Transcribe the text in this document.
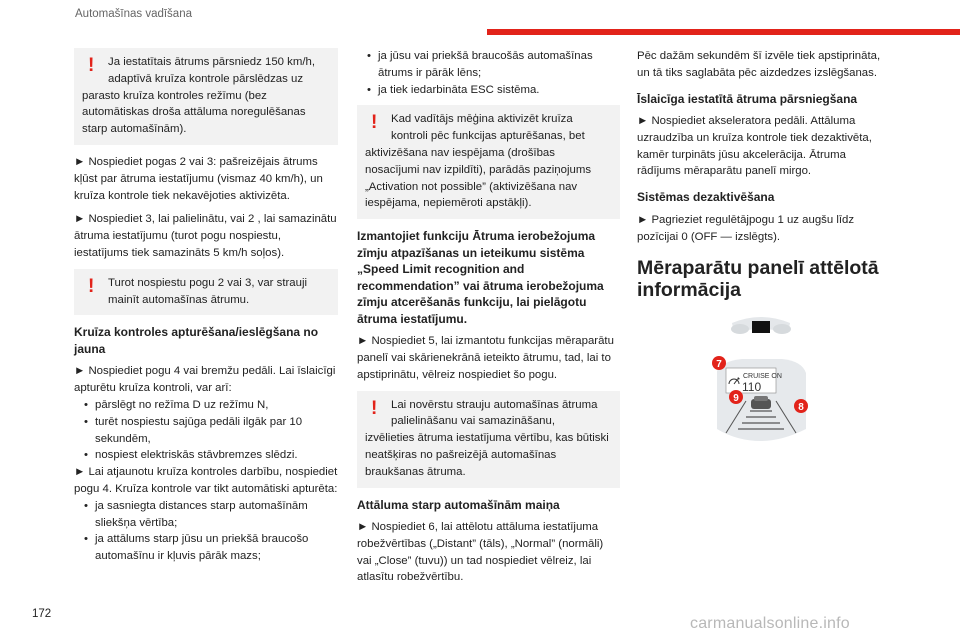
Automašīnas vadīšana
!	Ja iestatītais ātrums pārsniedz 150 km/h, adaptīvā kruīza kontrole pārslēdzas uz
parasto kruīza kontroles režīmu (bez automātiskas droša attāluma noregulēšanas starp automašīnām).

► Nospiediet pogas 2 vai 3: pašreizējais ātrums kļūst par ātruma iestatījumu (vismaz 40 km/h), un kruīza kontrole tiek nekavējoties aktivizēta.

► Nospiediet 3, lai palielinātu, vai 2 , lai samazinātu ātruma iestatījumu (turot pogu nospiestu, iestatījums tiek samazināts 5 km/h soļos).

!	Turot nospiestu pogu 2 vai 3, var strauji mainīt automašīnas ātrumu.
Kruīza kontroles apturēšana/ieslēgšana no jauna

► Nospiediet pogu 4 vai bremžu pedāli. Lai īslaicīgi apturētu kruīza kontroli, var arī:

• pārslēgt no režīma D uz režīmu N,
• turēt nospiestu sajūga pedāli ilgāk par 10 sekundēm,
• nospiest elektriskās stāvbremzes slēdzi.

► Lai atjaunotu kruīza kontroles darbību, nospiediet pogu 4. Kruīza kontrole var tikt automātiski apturēta:

• ja sasniegta distances starp automašīnām sliekšņa vērtība;
• ja attālums starp jūsu un priekšā braucošo automašīnu ir kļuvis pārāk mazs;
• ja jūsu vai priekšā braucošās automašīnas ātrums ir pārāk lēns;
• ja tiek iedarbināta ESC sistēma.
!	Kad vadītājs mēģina aktivizēt kruīza kontroli pēc funkcijas apturēšanas, bet
aktivizēšana nav iespējama (drošības nosacījumi nav izpildīti), parādās paziņojums „Activation not possible” (aktivizēšana nav iespējama, nepiemēroti apstākļi).
Izmantojiet funkciju Ātruma ierobežojuma zīmju atpazīšanas un ieteikumu sistēma „Speed Limit recognition and recommendation” vai ātruma ierobežojuma zīmju atcerēšanās funkciju, lai pielāgotu ātruma iestatījumu.

► Nospiediet 5, lai izmantotu funkcijas mēraparātu panelī vai skārienekrānā ieteikto ātrumu, tad, lai to apstiprinātu, vēlreiz nospiediet šo pogu.

!	Lai novērstu strauju automašīnas ātruma palielināšanu vai samazināšanu,
izvēlieties ātruma iestatījuma vērtību, kas būtiski neatšķiras no pašreizējā automašīnas braukšanas ātruma.
Attāluma starp automašīnām maiņa

► Nospiediet 6, lai attēlotu attāluma iestatījuma robežvērtības („Distant” (tāls), „Normal” (normāli) vai „Close” (tuvu)) un tad nospiediet vēlreiz, lai atlasītu robežvērtību.

Pēc dažām sekundēm šī izvēle tiek apstiprināta, un tā tiks saglabāta pēc aizdedzes izslēgšanas.

Īslaicīga iestatītā ātruma pārsniegšana

► Nospiediet akseleratora pedāli. Attāluma uzraudzība un kruīza kontrole tiek dezaktivēta, kamēr turpināts jūsu akcelerācija. Ātruma rādījums mēraparātu panelī mirgo.

Sistēmas dezaktivēšana

► Pagrieziet regulētājpogu 1 uz augšu līdz pozīcijai 0 (OFF — izslēgts).

Mēraparātu panelī attēlotā informācija
CRUISE ON
110
7
8
9
172
carmanualsonline.info
